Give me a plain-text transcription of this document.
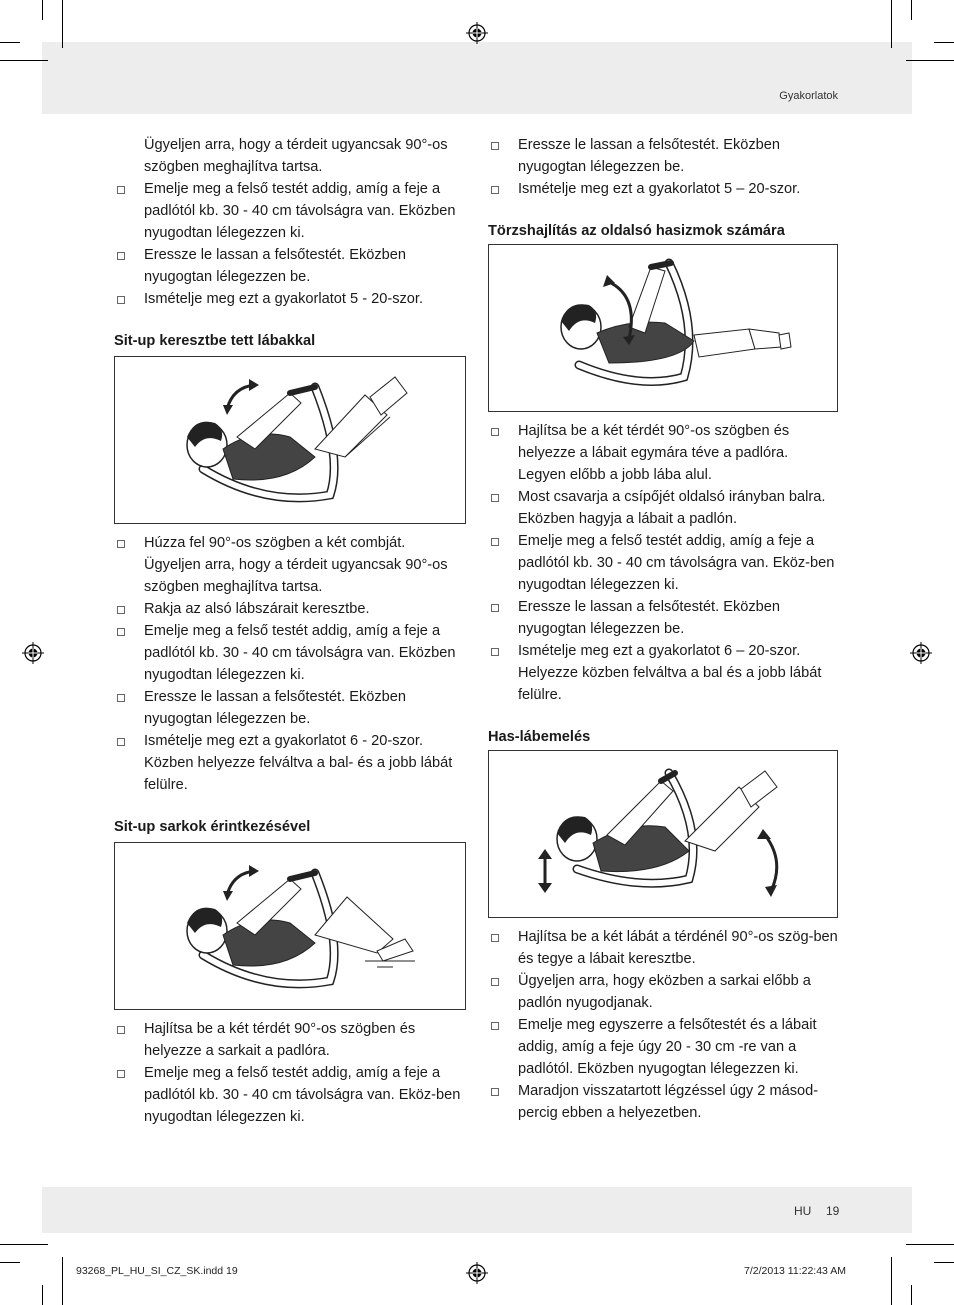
Gyakorlatok
HU 19
93268_PL_HU_SI_CZ_SK.indd 19	7/2/2013 11:22:43 AM

Ügyeljen arra, hogy a térdeit ugyancsak 90°-os szögben meghajlítva tartsa.

Emelje meg a felső testét addig, amíg a feje a padlótól kb. 30 - 40 cm távolságra van. Eközben nyugodtan lélegezzen ki.

Eressze le lassan a felsőtestét. Eközben nyugogtan lélegezzen be.

Ismételje meg ezt a gyakorlatot 5 - 20-szor.

Sit-up keresztbe tett lábakkal

Húzza fel 90°-os szögben a két combját. Ügyeljen arra, hogy a térdeit ugyancsak 90°-os szögben meghajlítva tartsa.

Rakja az alsó lábszárait keresztbe.

Emelje meg a felső testét addig, amíg a feje a padlótól kb. 30 - 40 cm távolságra van. Eközben nyugodtan lélegezzen ki.

Eressze le lassan a felsőtestét. Eközben nyugogtan lélegezzen be.

Ismételje meg ezt a gyakorlatot 6 - 20-szor. Közben helyezze felváltva a bal- és a jobb lábát felülre.

Sit-up sarkok érintkezésével

Hajlítsa be a két térdét 90°-os szögben és helyezze a sarkait a padlóra.

Emelje meg a felső testét addig, amíg a feje a padlótól kb. 30 - 40 cm távolságra van. Eköz-ben nyugodtan lélegezzen ki.

Eressze le lassan a felsőtestét. Eközben nyugogtan lélegezzen be.

Ismételje meg ezt a gyakorlatot 5 – 20-szor.

Törzshajlítás az oldalsó hasizmok számára

Hajlítsa be a két térdét 90°-os szögben és helyezze a lábait egymára téve a padlóra. Legyen előbb a jobb lába alul.

Most csavarja a csípőjét oldalsó irányban balra. Eközben hagyja a lábait a padlón.

Emelje meg a felső testét addig, amíg a feje a padlótól kb. 30 - 40 cm távolságra van. Eköz-ben nyugodtan lélegezzen ki.

Eressze le lassan a felsőtestét. Eközben nyugogtan lélegezzen be.

Ismételje meg ezt a gyakorlatot 6 – 20-szor. Helyezze közben felváltva a bal és a jobb lábát felülre.

Has-lábemelés

Hajlítsa be a két lábát a térdénél 90°-os szög-ben és tegye a lábait keresztbe.

Ügyeljen arra, hogy eközben a sarkai előbb a padlón nyugodjanak.

Emelje meg egyszerre a felsőtestét és a lábait addig, amíg a feje úgy 20 - 30 cm -re van a padlótól. Eközben nyugogtan lélegezzen ki.

Maradjon visszatartott légzéssel úgy 2 másod-percig ebben a helyezetben.
